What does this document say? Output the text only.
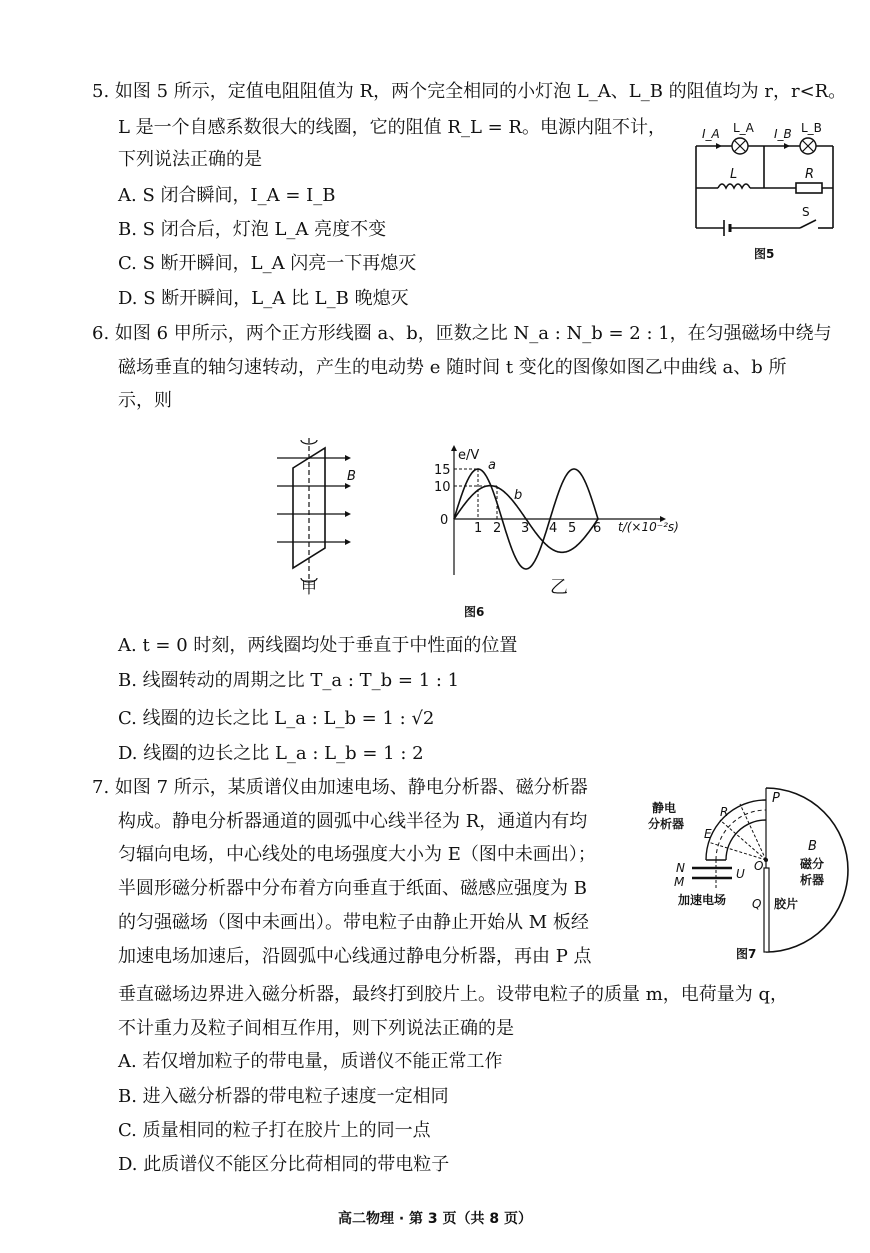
5. 如图 5 所示，定值电阻阻值为 R，两个完全相同的小灯泡 L_A、L_B 的阻值均为 r，r<R。
L 是一个自感系数很大的线圈，它的阻值 R_L = R。电源内阻不计，
下列说法正确的是
A. S 闭合瞬间，I_A = I_B
B. S 闭合后，灯泡 L_A 亮度不变
C. S 断开瞬间，L_A 闪亮一下再熄灭
D. S 断开瞬间，L_A 比 L_B 晚熄灭
I_A L_A I_B L_B
L	R
S
图5
6. 如图 6 甲所示，两个正方形线圈 a、b，匝数之比 N_a : N_b = 2 : 1，在匀强磁场中绕与
磁场垂直的轴匀速转动，产生的电动势 e 随时间 t 变化的图像如图乙中曲线 a、b 所
示，则
B
甲
e/V
15
10
0
1 2 3 4 5 6 t/(×10⁻²s)
a
b
乙
图6
A. t = 0 时刻，两线圈均处于垂直于中性面的位置
B. 线圈转动的周期之比 T_a : T_b = 1 : 1
C. 线圈的边长之比 L_a : L_b = 1 : √2
D. 线圈的边长之比 L_a : L_b = 1 : 2
7. 如图 7 所示，某质谱仪由加速电场、静电分析器、磁分析器
构成。静电分析器通道的圆弧中心线半径为 R，通道内有均
匀辐向电场，中心线处的电场强度大小为 E（图中未画出）；
半圆形磁分析器中分布着方向垂直于纸面、磁感应强度为 B
的匀强磁场（图中未画出）。带电粒子由静止开始从 M 板经
加速电场加速后，沿圆弧中心线通过静电分析器，再由 P 点
垂直磁场边界进入磁分析器，最终打到胶片上。设带电粒子的质量 m，电荷量为 q，
不计重力及粒子间相互作用，则下列说法正确的是
A. 若仅增加粒子的带电量，质谱仪不能正常工作
B. 进入磁分析器的带电粒子速度一定相同
C. 质量相同的粒子打在胶片上的同一点
D. 此质谱仪不能区分比荷相同的带电粒子
静电
分析器
R
E
P
O
B
磁分
析器
N
M
U
加速电场 Q 胶片
图7
高二物理 · 第 3 页（共 8 页）
